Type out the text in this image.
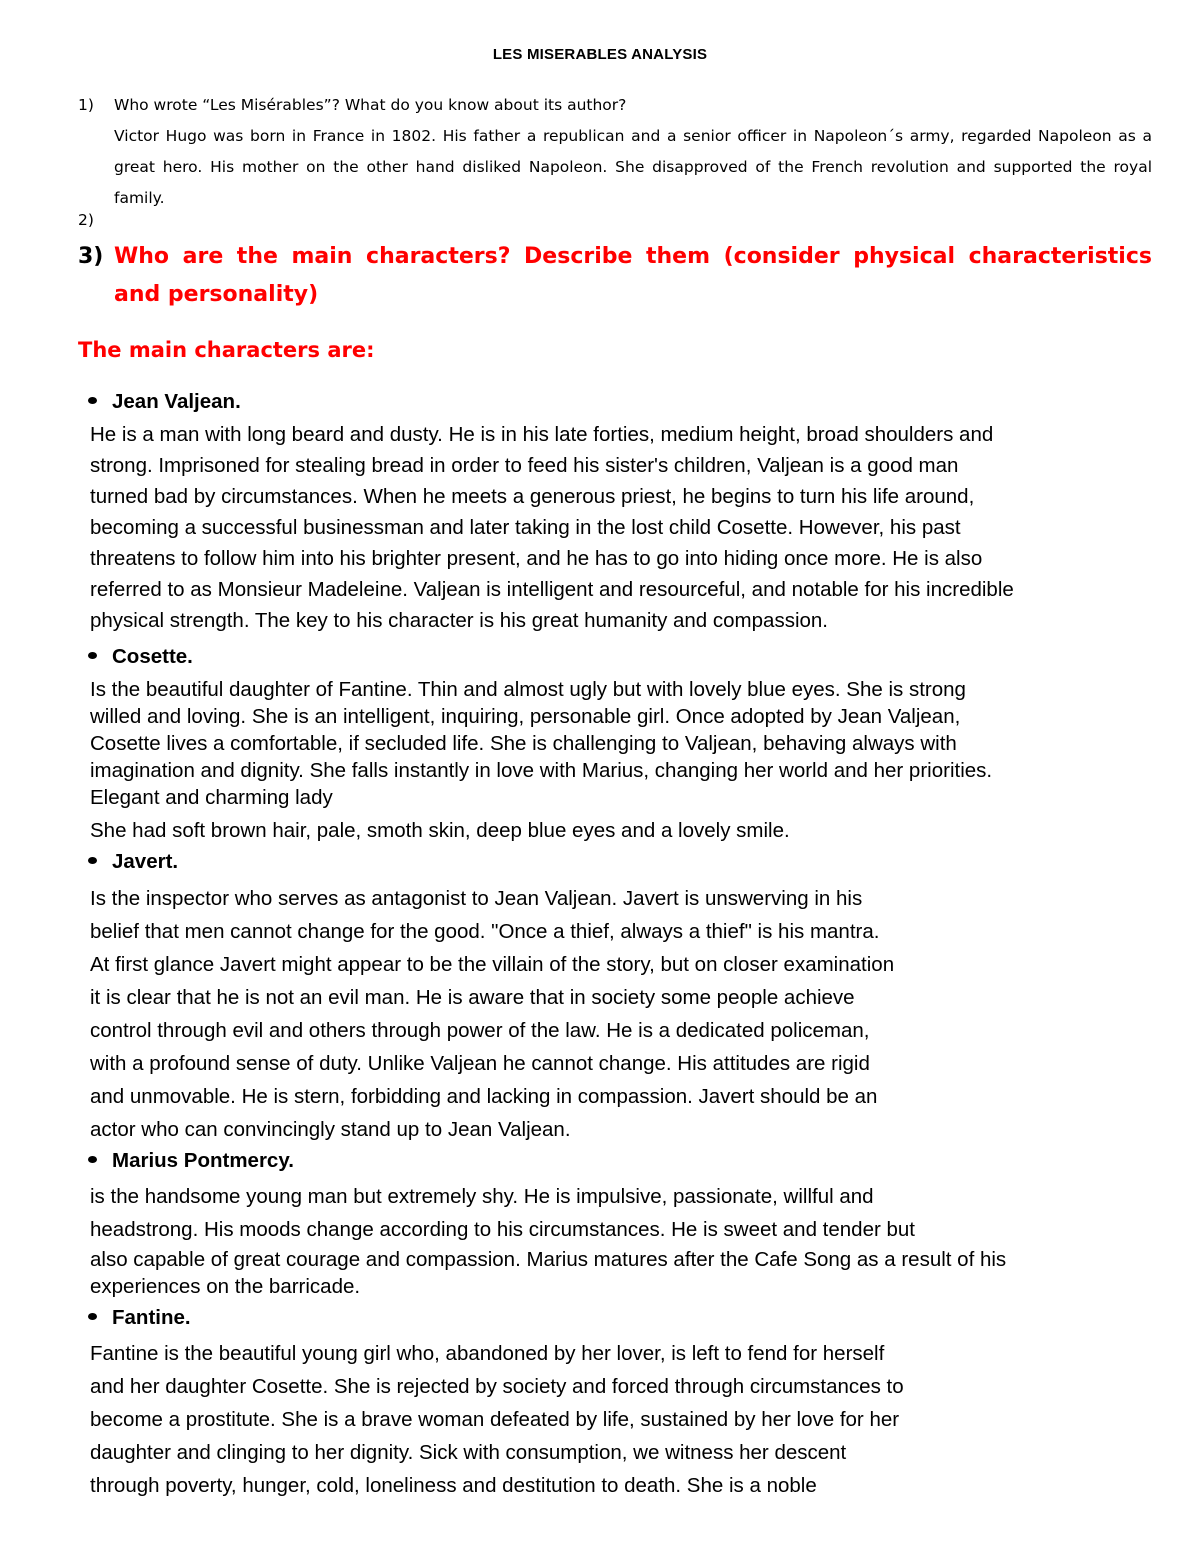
LES MISERABLES ANALYSIS
1) Who wrote “Les Misérables”? What do you know about its author?
Victor Hugo was born in France in 1802. His father a republican and a senior officer in Napoleon´s army, regarded Napoleon as a great hero. His mother on the other hand disliked Napoleon. She disapproved of the French revolution and supported the royal family.
2)
3) Who are the main characters? Describe them (consider physical characteristics and personality)
The main characters are:
Jean Valjean.
He is a man with long beard and dusty. He is in his late forties, medium height, broad shoulders and
strong. Imprisoned for stealing bread in order to feed his sister's children, Valjean is a good man
turned bad by circumstances. When he meets a generous priest, he begins to turn his life around,
becoming a successful businessman and later taking in the lost child Cosette. However, his past
threatens to follow him into his brighter present, and he has to go into hiding once more. He is also
referred to as Monsieur Madeleine. Valjean is intelligent and resourceful, and notable for his incredible
physical strength. The key to his character is his great humanity and compassion.
Cosette.
Is the beautiful daughter of Fantine. Thin and almost ugly but with lovely blue eyes. She is strong
willed and loving. She is an intelligent, inquiring, personable girl. Once adopted by Jean Valjean,
Cosette lives a comfortable, if secluded life. She is challenging to Valjean, behaving always with
imagination and dignity. She falls instantly in love with Marius, changing her world and her priorities.
Elegant and charming lady
She had soft brown hair, pale, smoth skin, deep blue eyes and a lovely smile.
Javert.
Is the inspector who serves as antagonist to Jean Valjean. Javert is unswerving in his
belief that men cannot change for the good. "Once a thief, always a thief" is his mantra.
At first glance Javert might appear to be the villain of the story, but on closer examination
it is clear that he is not an evil man. He is aware that in society some people achieve
control through evil and others through power of the law. He is a dedicated policeman,
with a profound sense of duty. Unlike Valjean he cannot change. His attitudes are rigid
and unmovable. He is stern, forbidding and lacking in compassion. Javert should be an
actor who can convincingly stand up to Jean Valjean.
Marius Pontmercy.
is the handsome young man but extremely shy. He is impulsive, passionate, willful and
headstrong. His moods change according to his circumstances. He is sweet and tender but
also capable of great courage and compassion. Marius matures after the Cafe Song as a result of his
experiences on the barricade.
Fantine.
Fantine is the beautiful young girl who, abandoned by her lover, is left to fend for herself
and her daughter Cosette. She is rejected by society and forced through circumstances to
become a prostitute. She is a brave woman defeated by life, sustained by her love for her
daughter and clinging to her dignity. Sick with consumption, we witness her descent
through poverty, hunger, cold, loneliness and destitution to death. She is a noble
